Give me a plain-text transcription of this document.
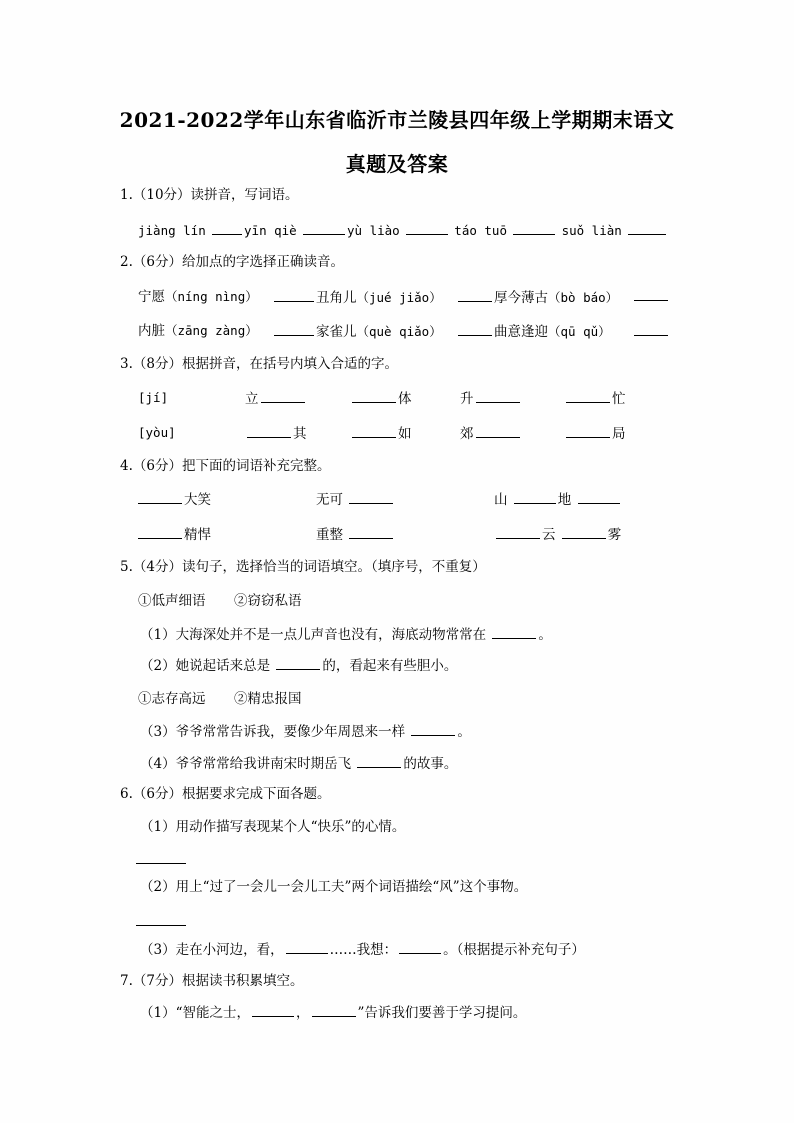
2021-2022学年山东省临沂市兰陵县四年级上学期期末语文
真题及答案
1.（10分）读拼音，写词语。
jiàng lín	yīn qiè	yù liào	táo tuō	suǒ liàn
2.（6分）给加点的字选择正确读音。
宁愿（níng nìng）	丑角儿（jué jiǎo）	厚今薄古（bò báo）
内脏（zāng zàng）	家雀儿（què qiǎo）	曲意逢迎（qū qǔ）
3.（8分）根据拼音，在括号内填入合适的字。
[jí]	立	体	升	忙
[yòu]	其	如	郊	局
4.（6分）把下面的词语补充完整。
大笑	无可	山	地
精悍	重整	云	雾
5.（4分）读句子，选择恰当的词语填空。（填序号，不重复）
①低声细语 ②窃窃私语
（1）大海深处并不是一点儿声音也没有，海底动物常常在	。
（2）她说起话来总是	的，看起来有些胆小。
①志存高远 ②精忠报国
（3）爷爷常常告诉我，要像少年周恩来一样	。
（4）爷爷常常给我讲南宋时期岳飞	的故事。
6.（6分）根据要求完成下面各题。
（1）用动作描写表现某个人“快乐”的心情。
（2）用上“过了一会儿一会儿工夫”两个词语描绘“风”这个事物。
（3）走在小河边，看，	……我想：	。（根据提示补充句子）
7.（7分）根据读书积累填空。
（1）“智能之士，	，	”告诉我们要善于学习提问。
